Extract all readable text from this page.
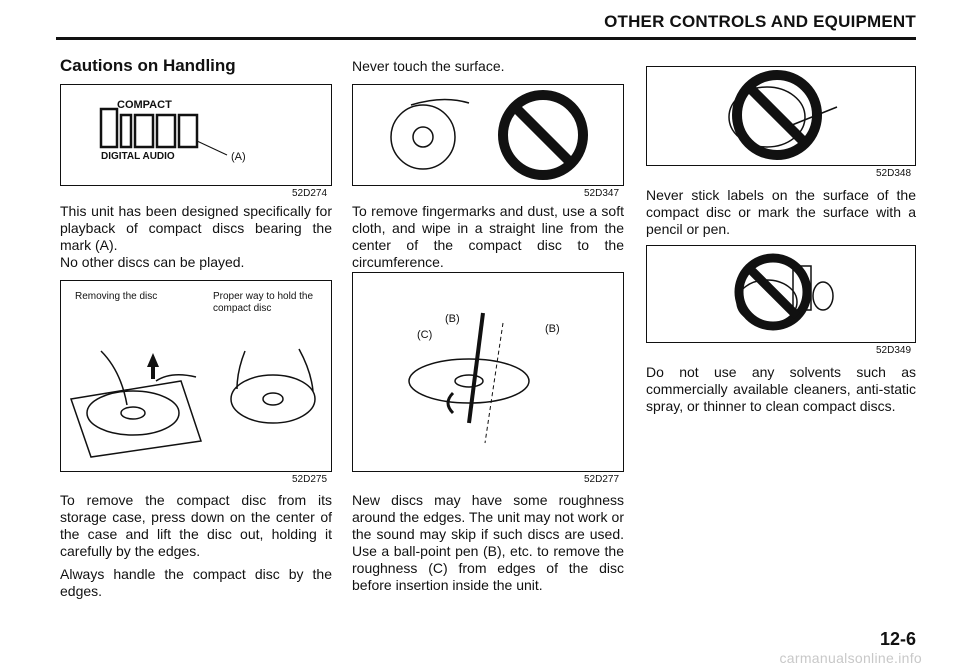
OTHER CONTROLS AND EQUIPMENT
Cautions on Handling
COMPACT
DIGITAL AUDIO	(A)
52D274

This unit has been designed specifically for playback of compact discs bearing the mark (A).

No other discs can be played.

Removing the disc	Proper way to hold the compact disc
52D275

To remove the compact disc from its storage case, press down on the center of the case and lift the disc out, holding it carefully by the edges.

Always handle the compact disc by the edges.

Never touch the surface.
52D347
To remove fingermarks and dust, use a soft cloth, and wipe in a straight line from the center of the compact disc to the circumference.
(B)
(C)	(B)
52D277
New discs may have some roughness around the edges. The unit may not work or the sound may skip if such discs are used. Use a ball-point pen (B), etc. to remove the roughness (C) from edges of the disc before insertion inside the unit.
52D348
Never stick labels on the surface of the compact disc or mark the surface with a pencil or pen.
52D349
Do not use any solvents such as commercially available cleaners, anti-static spray, or thinner to clean compact discs.
12-6
carmanualsonline.info
